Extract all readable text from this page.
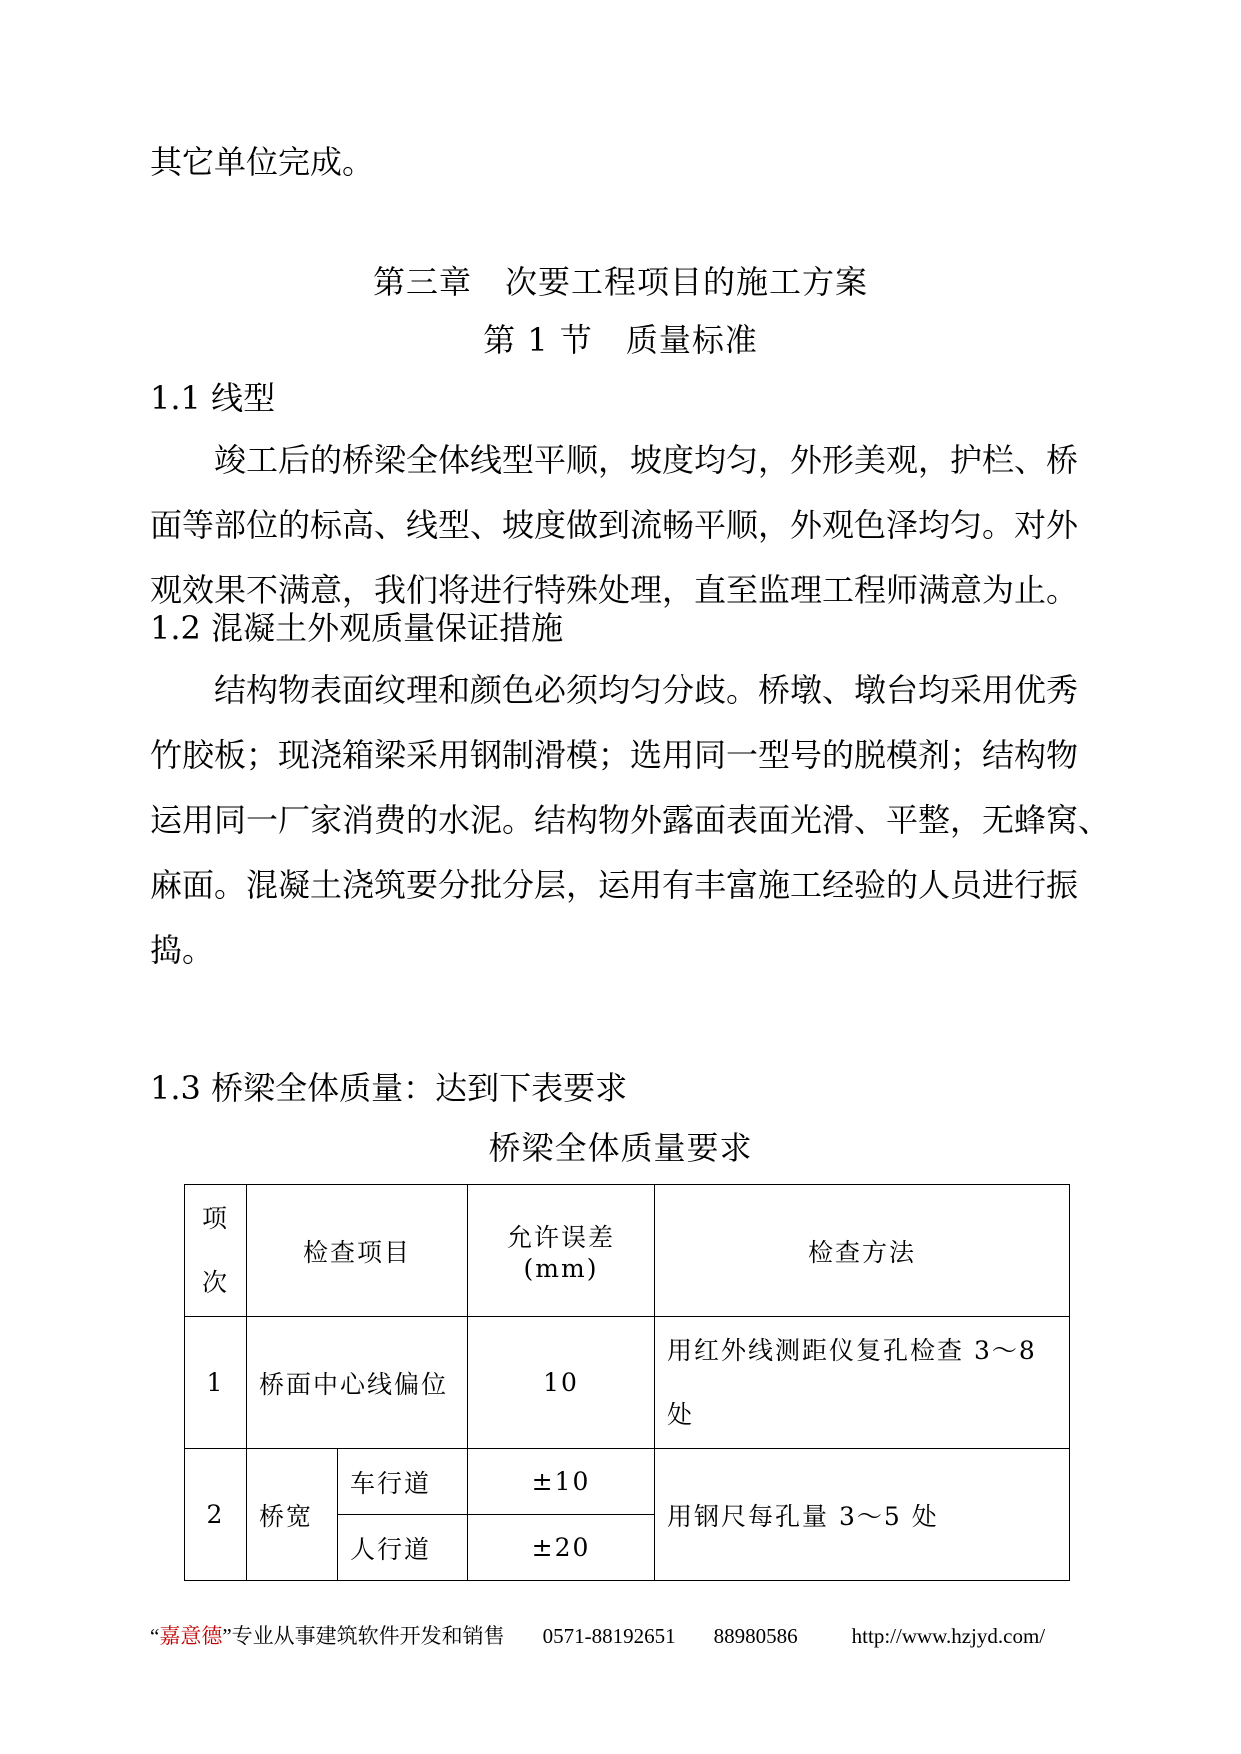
其它单位完成。
第三章　次要工程项目的施工方案
第 1 节　质量标准
1.1 线型
竣工后的桥梁全体线型平顺，坡度均匀，外形美观，护栏、桥
面等部位的标高、线型、坡度做到流畅平顺，外观色泽均匀。对外
观效果不满意，我们将进行特殊处理，直至监理工程师满意为止。
1.2 混凝土外观质量保证措施
结构物表面纹理和颜色必须均匀分歧。桥墩、墩台均采用优秀
竹胶板；现浇箱梁采用钢制滑模；选用同一型号的脱模剂；结构物
运用同一厂家消费的水泥。结构物外露面表面光滑、平整，无蜂窝、
麻面。混凝土浇筑要分批分层，运用有丰富施工经验的人员进行振
捣。
1.3 桥梁全体质量：达到下表要求
桥梁全体质量要求
项
次	检查项目		允许误差(mm)	检查方法
1	桥面中心线偏位		10	用红外线测距仪复孔检查 3～8 处
2	桥宽	车行道	±10	用钢尺每孔量 3～5 处
		人行道	±20	
“嘉意德”专业从事建筑软件开发和销售 0571-88192651 88980586	http://www.hzjyd.com/
